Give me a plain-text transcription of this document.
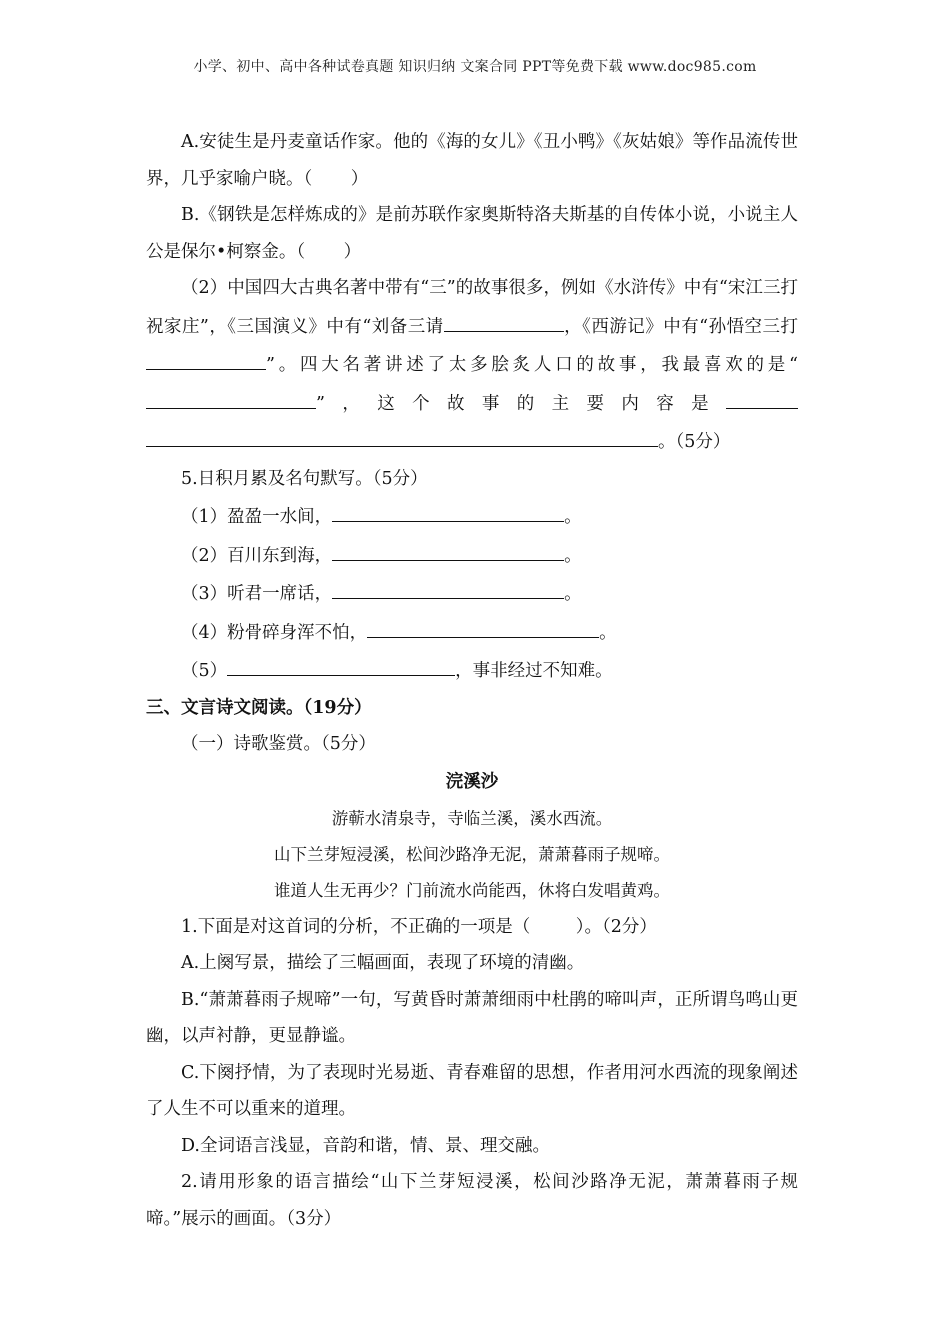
小学、初中、高中各种试卷真题 知识归纳 文案合同 PPT等免费下载 www.doc985.com

A.安徒生是丹麦童话作家。他的《海的女儿》《丑小鸭》《灰姑娘》等作品流传世界，几乎家喻户晓。（ ）

B.《钢铁是怎样炼成的》是前苏联作家奥斯特洛夫斯基的自传体小说，小说主人公是保尔•柯察金。（ ）

（2）中国四大古典名著中带有“三”的故事很多，例如《水浒传》中有“宋江三打祝家庄”，《三国演义》中有“刘备三请	，《西游记》中有“孙悟空三打”。四大名著讲述了太多脍炙人口的故事，我最喜欢的是“”，这个故事的主要内容是。（5分）

5.日积月累及名句默写。（5分）

（1）盈盈一水间，	。

（2）百川东到海，	。

（3）听君一席话，	。

（4）粉骨碎身浑不怕，	。

（5）	，事非经过不知难。

三、文言诗文阅读。（19分）

（一）诗歌鉴赏。（5分）

浣溪沙

游蕲水清泉寺，寺临兰溪，溪水西流。

山下兰芽短浸溪，松间沙路净无泥，萧萧暮雨子规啼。

谁道人生无再少？门前流水尚能西，休将白发唱黄鸡。

1.下面是对这首词的分析，不正确的一项是（	）。（2分）

A.上阕写景，描绘了三幅画面，表现了环境的清幽。

B.“萧萧暮雨子规啼”一句，写黄昏时萧萧细雨中杜鹃的啼叫声，正所谓鸟鸣山更幽，以声衬静，更显静谧。

C.下阕抒情，为了表现时光易逝、青春难留的思想，作者用河水西流的现象阐述了人生不可以重来的道理。

D.全词语言浅显，音韵和谐，情、景、理交融。

2.请用形象的语言描绘“山下兰芽短浸溪，松间沙路净无泥，萧萧暮雨子规啼。”展示的画面。（3分）
